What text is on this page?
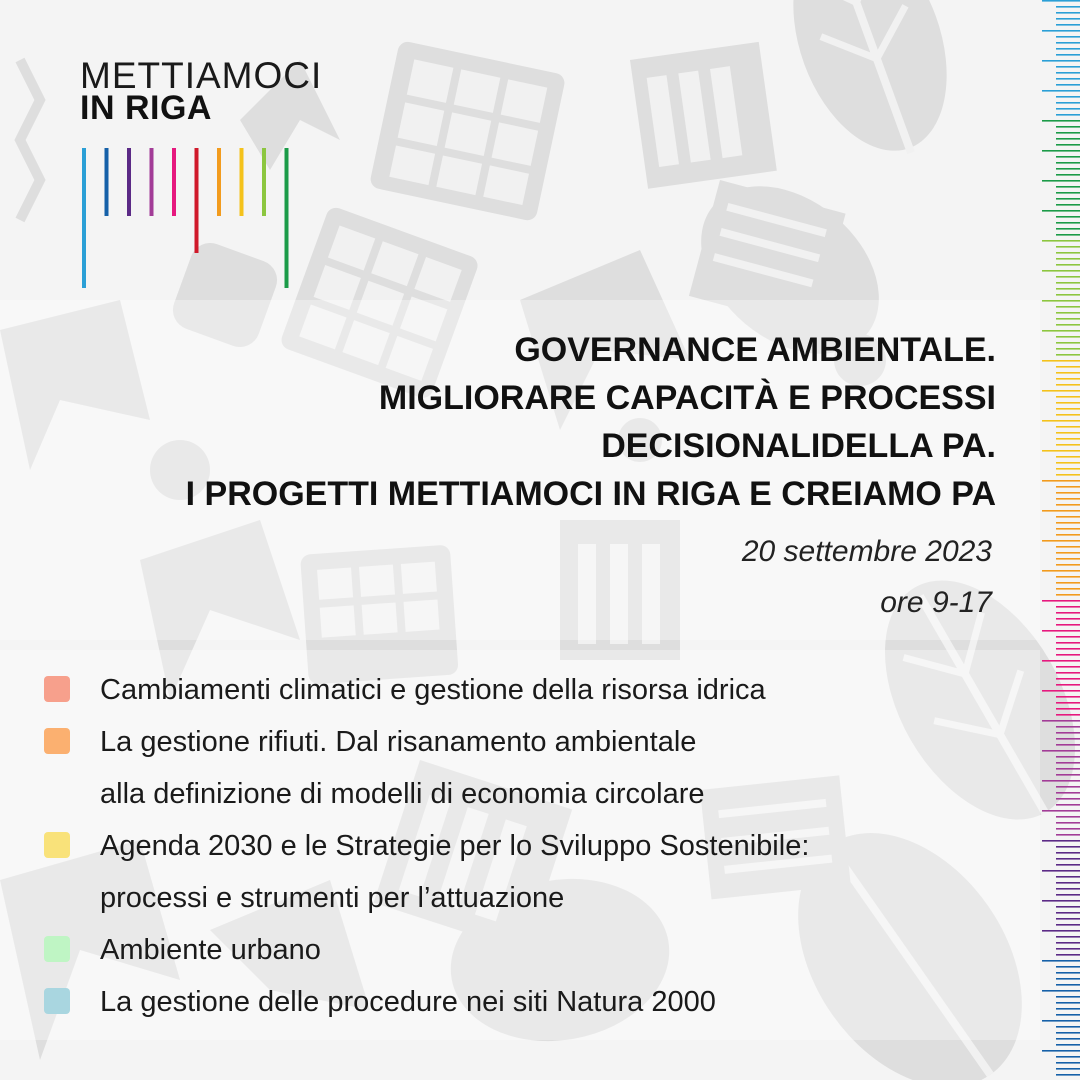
METTIAMOCI
IN RIGA
GOVERNANCE AMBIENTALE.
MIGLIORARE CAPACITÀ E PROCESSI
DECISIONALIDELLA PA.
I PROGETTI METTIAMOCI IN RIGA E CREIAMO PA
20 settembre 2023
ore 9-17
Cambiamenti climatici e gestione della risorsa idrica
La gestione rifiuti. Dal risanamento ambientale
alla definizione di modelli di economia circolare
Agenda 2030 e le Strategie per lo Sviluppo Sostenibile:
processi e strumenti per l’attuazione
Ambiente urbano
La gestione delle procedure nei siti Natura 2000
